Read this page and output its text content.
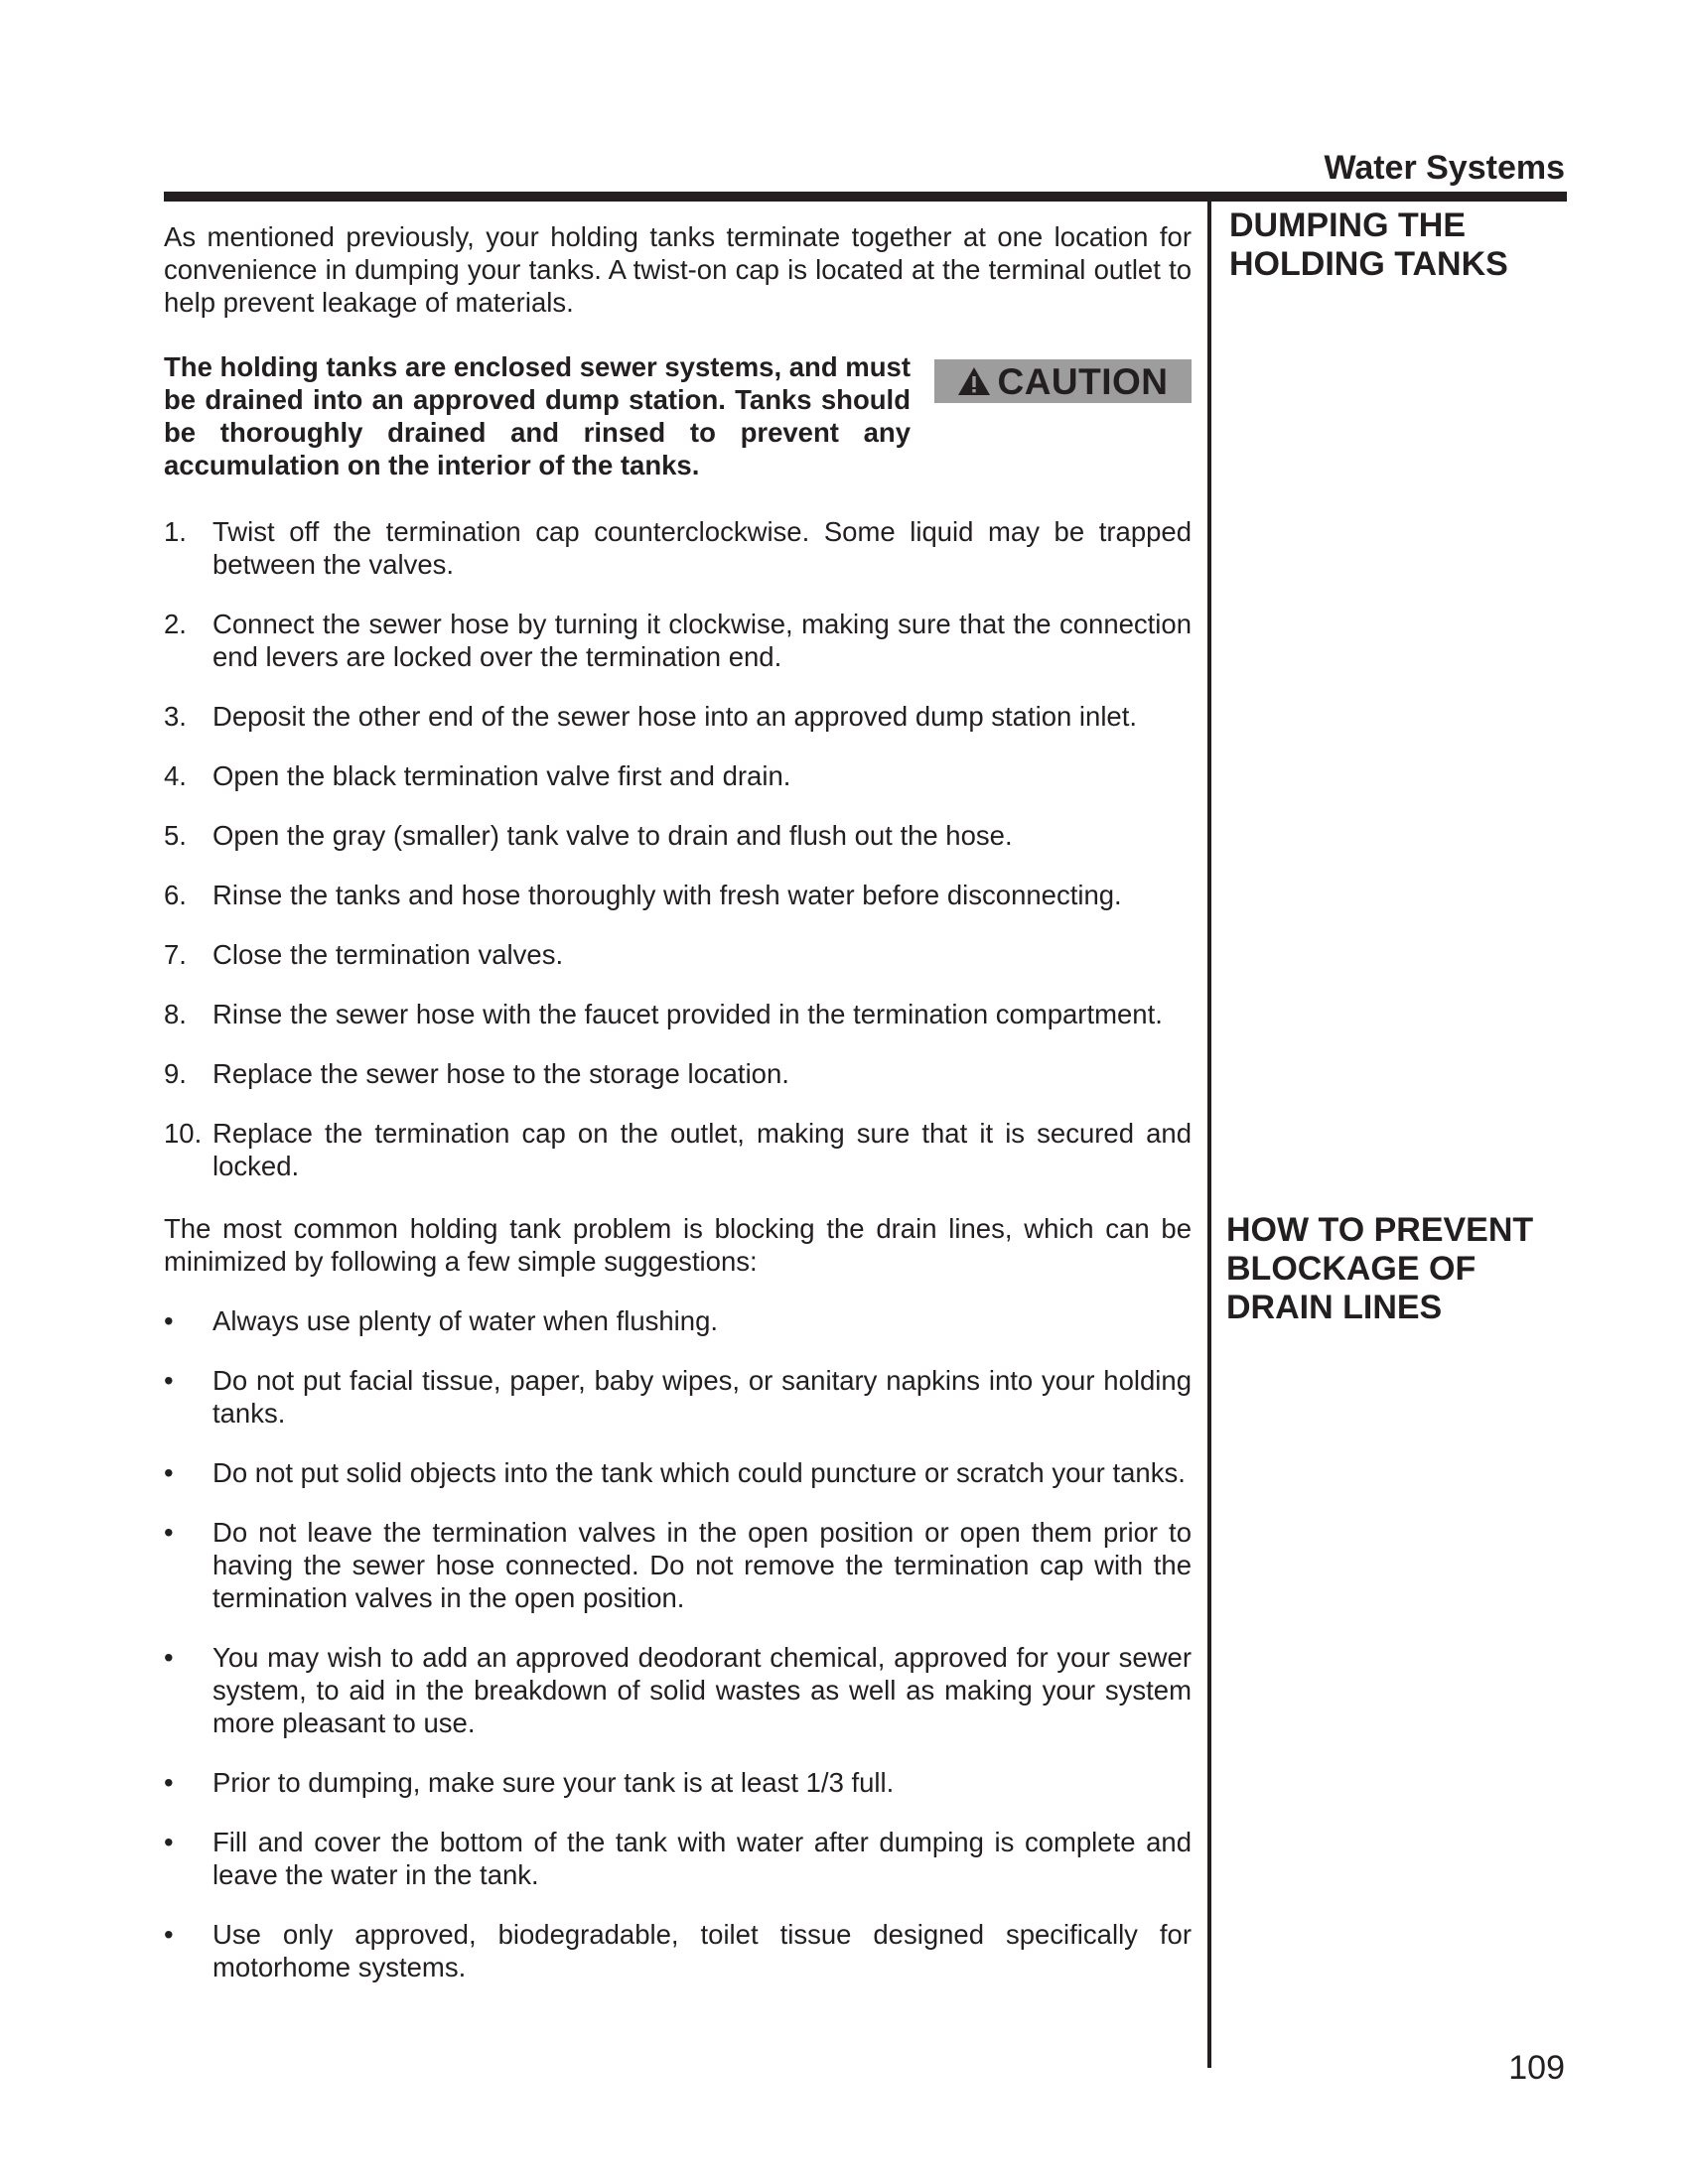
Water Systems
DUMPING THE HOLDING TANKS
HOW TO PREVENT BLOCKAGE OF DRAIN LINES

As mentioned previously, your holding tanks terminate together at one location for convenience in dumping your tanks. A twist-on cap is located at the terminal outlet to help prevent leakage of materials.

The holding tanks are enclosed sewer systems, and must be drained into an approved dump station. Tanks should be thoroughly drained and rinsed to prevent any accumulation on the interior of the tanks.

CAUTION
1. Twist off the termination cap counterclockwise. Some liquid may be trapped between the valves.
2. Connect the sewer hose by turning it clockwise, making sure that the connection end levers are locked over the termination end.
3. Deposit the other end of the sewer hose into an approved dump station inlet.
4. Open the black termination valve first and drain.
5. Open the gray (smaller) tank valve to drain and flush out the hose.
6. Rinse the tanks and hose thoroughly with fresh water before disconnecting.
7. Close the termination valves.
8. Rinse the sewer hose with the faucet provided in the termination compartment.
9. Replace the sewer hose to the storage location.
10. Replace the termination cap on the outlet, making sure that it is secured and locked.

The most common holding tank problem is blocking the drain lines, which can be minimized by following a few simple suggestions:

• Always use plenty of water when flushing.
• Do not put facial tissue, paper, baby wipes, or sanitary napkins into your holding tanks.
• Do not put solid objects into the tank which could puncture or scratch your tanks.
• Do not leave the termination valves in the open position or open them prior to having the sewer hose connected. Do not remove the termination cap with the termination valves in the open position.
• You may wish to add an approved deodorant chemical, approved for your sewer system, to aid in the breakdown of solid wastes as well as making your system more pleasant to use.
• Prior to dumping, make sure your tank is at least 1/3 full.
• Fill and cover the bottom of the tank with water after dumping is complete and leave the water in the tank.
• Use only approved, biodegradable, toilet tissue designed specifically for motorhome systems.
109
